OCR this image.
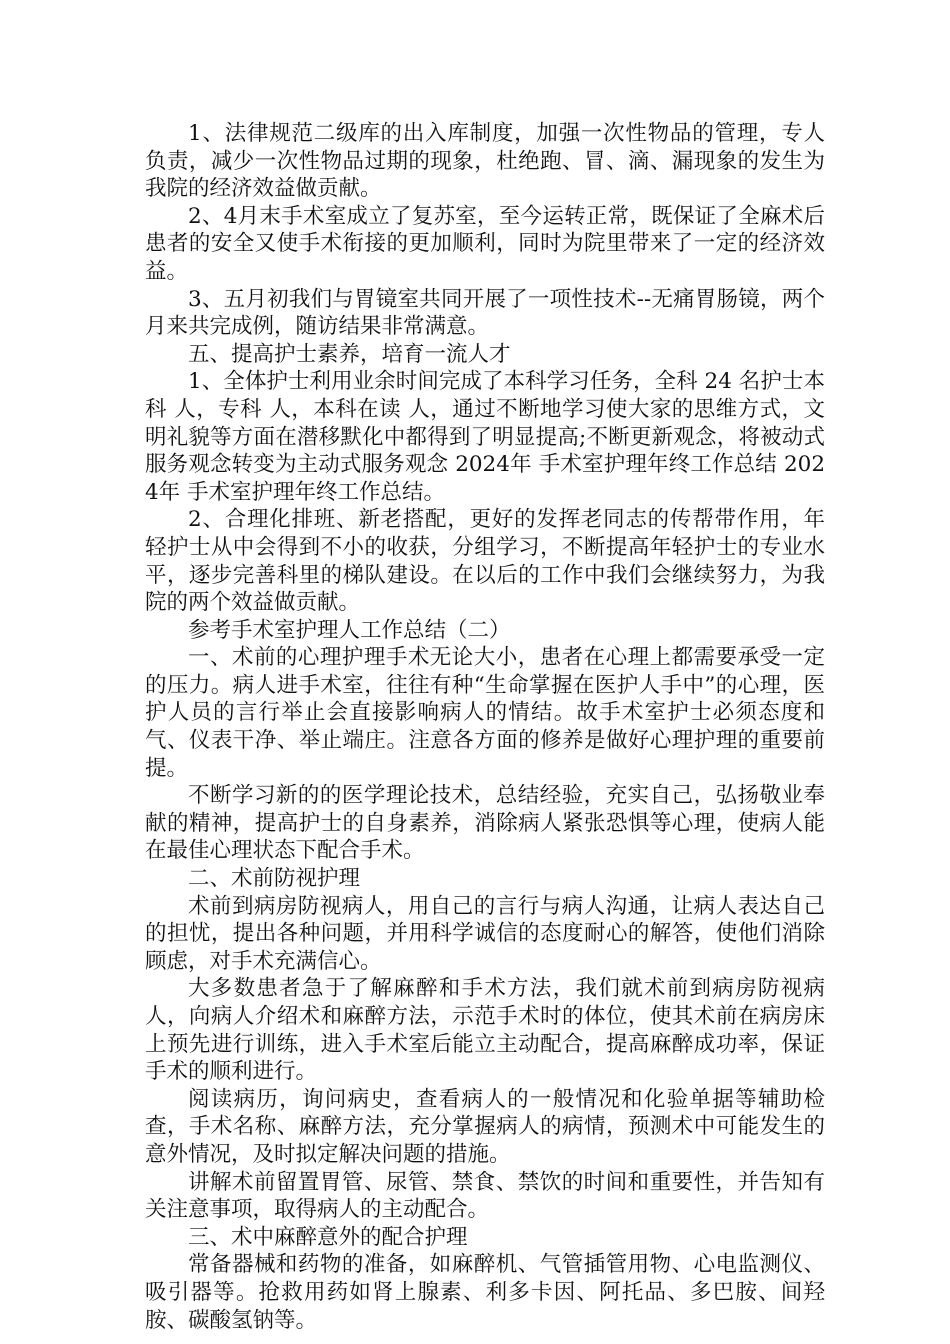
1、法律规范二级库的出入库制度，加强一次性物品的管理，专人负责，减少一次性物品过期的现象，杜绝跑、冒、滴、漏现象的发生为我院的经济效益做贡献。

2、4月末手术室成立了复苏室，至今运转正常，既保证了全麻术后患者的安全又使手术衔接的更加顺利，同时为院里带来了一定的经济效益。

3、五月初我们与胃镜室共同开展了一项性技术--无痛胃肠镜，两个月来共完成例，随访结果非常满意。

五、提高护士素养，培育一流人才

1、全体护士利用业余时间完成了本科学习任务，全科 24 名护士本科 人，专科 人，本科在读 人，通过不断地学习使大家的思维方式，文明礼貌等方面在潜移默化中都得到了明显提高;不断更新观念，将被动式服务观念转变为主动式服务观念 2024年 手术室护理年终工作总结 2024年 手术室护理年终工作总结。

2、合理化排班、新老搭配，更好的发挥老同志的传帮带作用，年轻护士从中会得到不小的收获，分组学习，不断提高年轻护士的专业水平，逐步完善科里的梯队建设。在以后的工作中我们会继续努力，为我院的两个效益做贡献。

参考手术室护理人工作总结（二）

一、术前的心理护理手术无论大小，患者在心理上都需要承受一定的压力。病人进手术室，往往有种“生命掌握在医护人手中”的心理，医护人员的言行举止会直接影响病人的情结。故手术室护士必须态度和气、仪表干净、举止端庄。注意各方面的修养是做好心理护理的重要前提。

不断学习新的的医学理论技术，总结经验，充实自己，弘扬敬业奉献的精神，提高护士的自身素养，消除病人紧张恐惧等心理，使病人能在最佳心理状态下配合手术。

二、术前防视护理

术前到病房防视病人，用自己的言行与病人沟通，让病人表达自己的担忧，提出各种问题，并用科学诚信的态度耐心的解答，使他们消除顾虑，对手术充满信心。

大多数患者急于了解麻醉和手术方法，我们就术前到病房防视病人，向病人介绍术和麻醉方法，示范手术时的体位，使其术前在病房床上预先进行训练，进入手术室后能立主动配合，提高麻醉成功率，保证手术的顺利进行。

阅读病历，询问病史，查看病人的一般情况和化验单据等辅助检查，手术名称、麻醉方法，充分掌握病人的病情，预测术中可能发生的意外情况，及时拟定解决问题的措施。

讲解术前留置胃管、尿管、禁食、禁饮的时间和重要性，并告知有关注意事项，取得病人的主动配合。

三、术中麻醉意外的配合护理

常备器械和药物的准备，如麻醉机、气管插管用物、心电监测仪、吸引器等。抢救用药如肾上腺素、利多卡因、阿托品、多巴胺、间羟胺、碳酸氢钠等。
